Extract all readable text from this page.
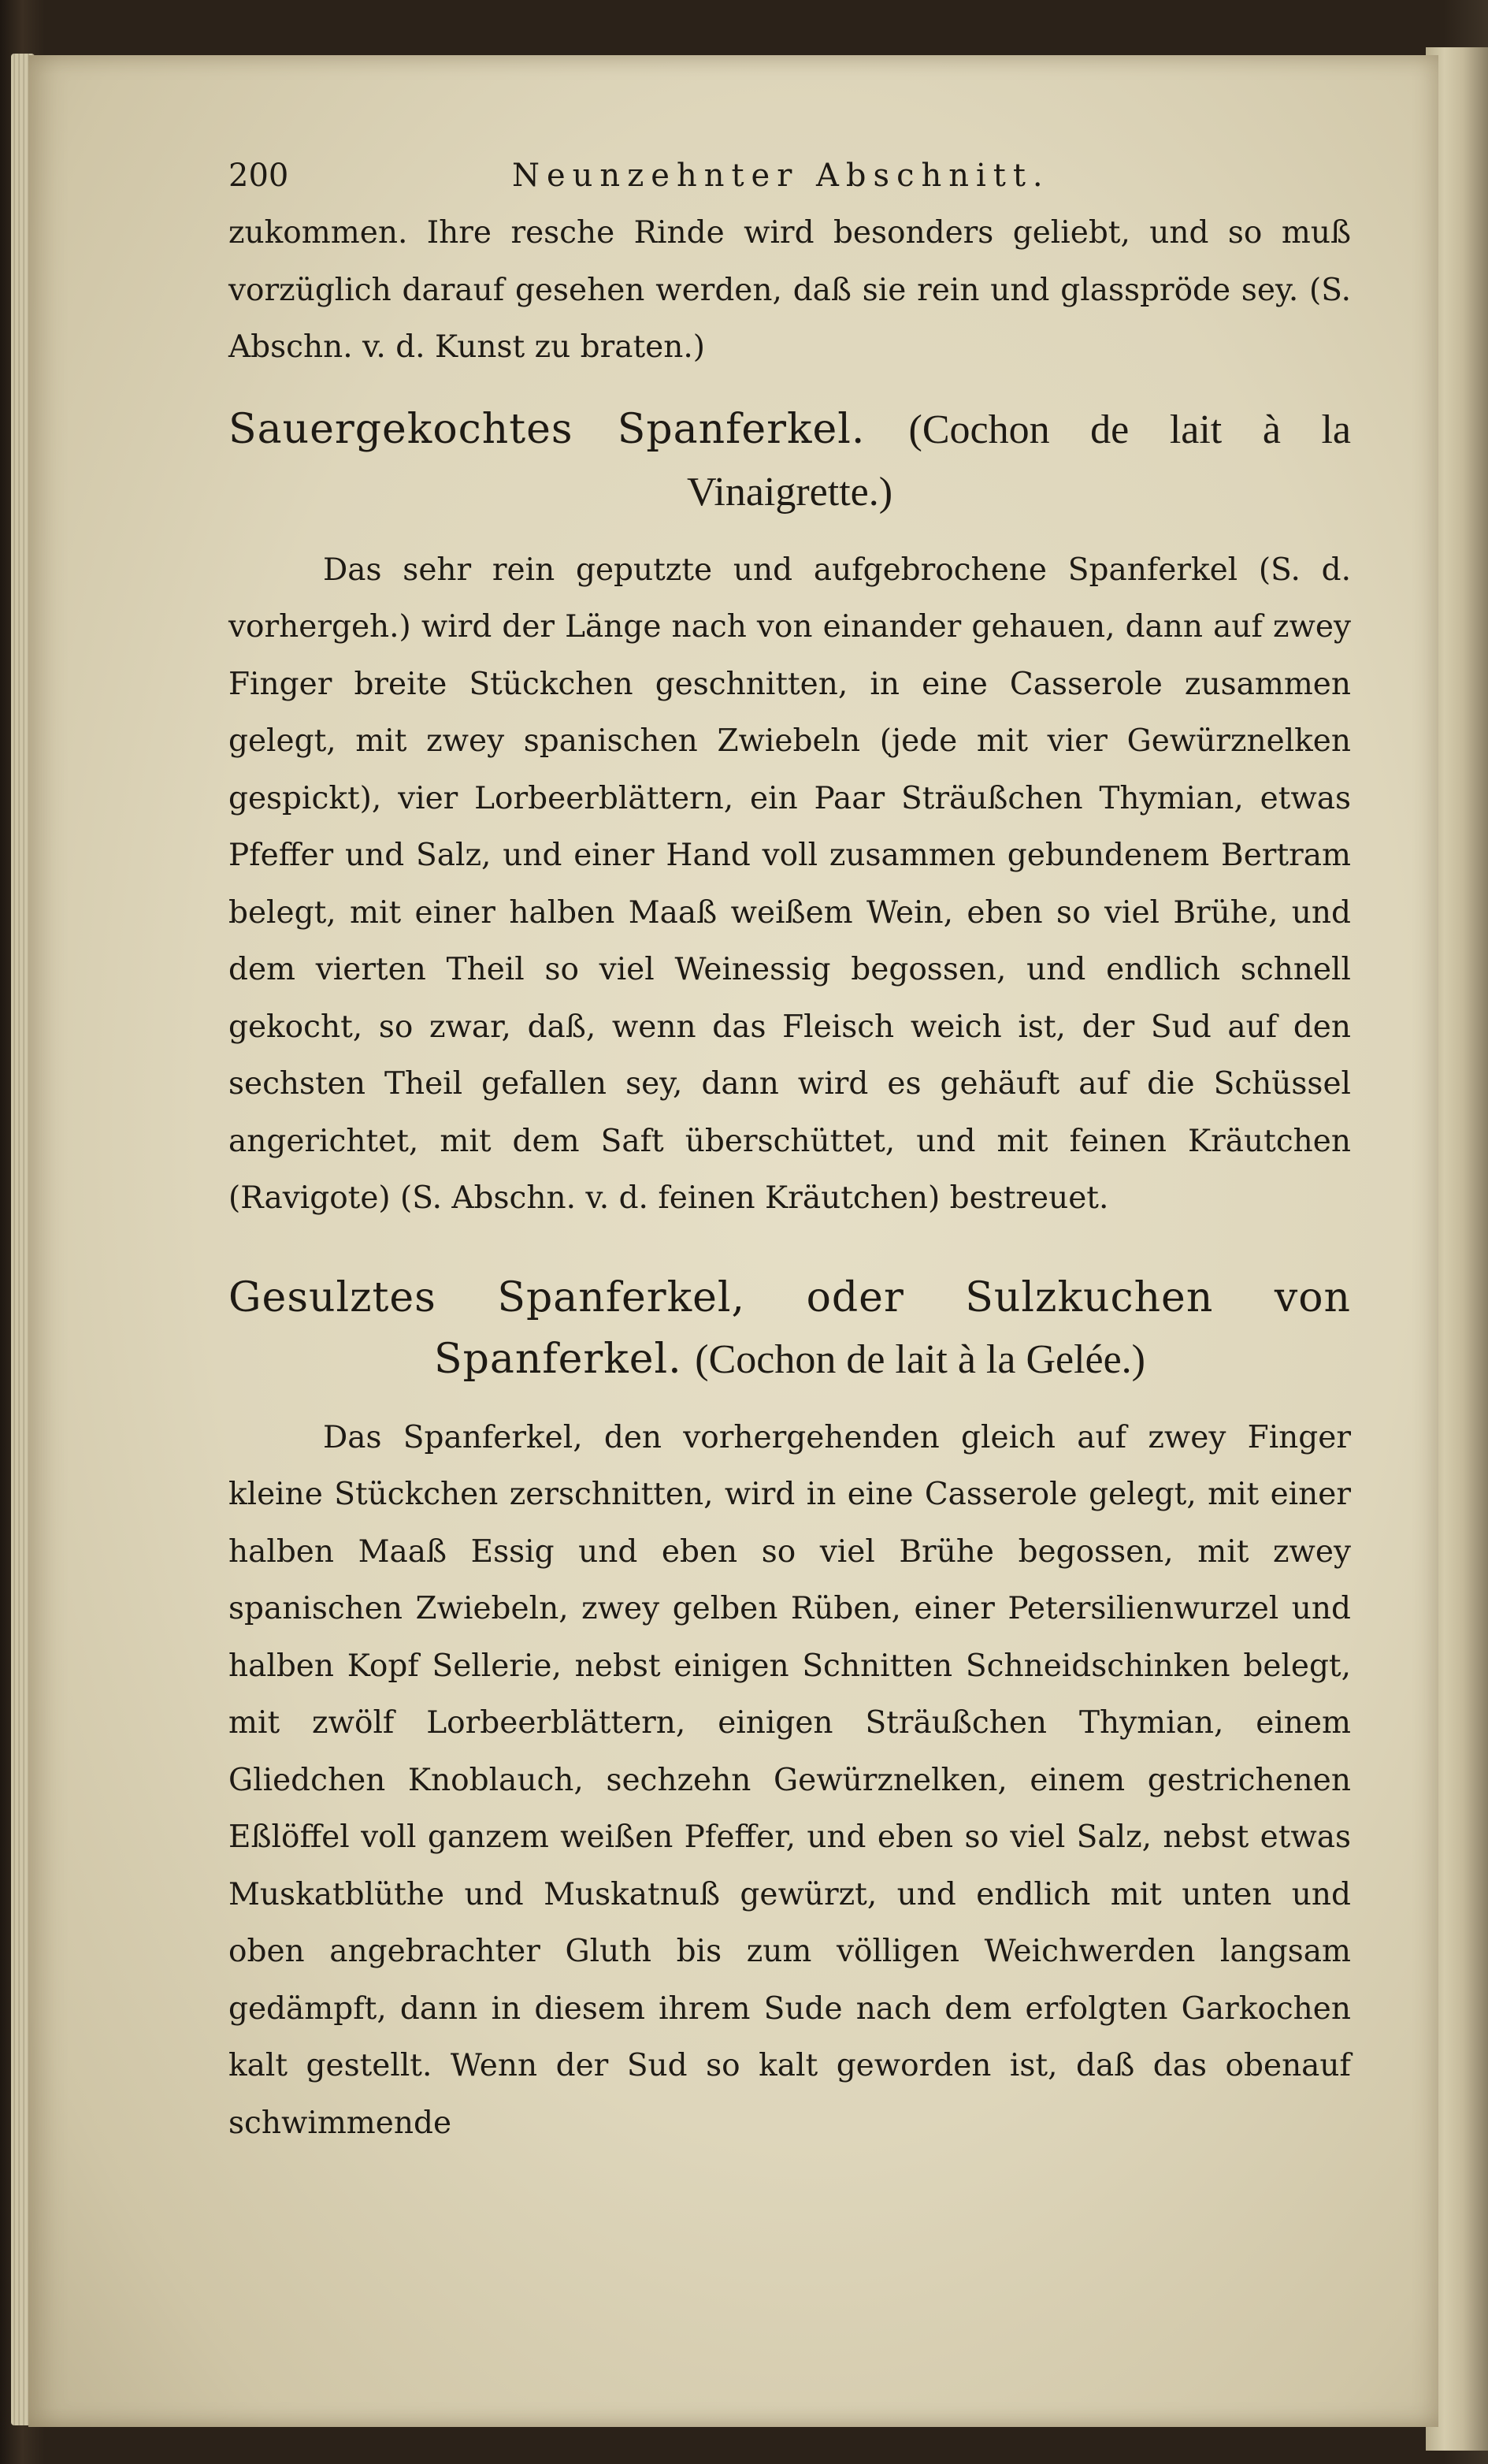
200	Neunzehnter Abschnitt.

zukommen. Ihre resche Rinde wird besonders geliebt, und so muß vorzüglich darauf gesehen werden, daß sie rein und glasspröde sey. (S. Abschn. v. d. Kunst zu braten.)

Sauergekochtes Spanferkel. (Cochon de lait à la Vinaigrette.)

Das sehr rein geputzte und aufgebrochene Spanferkel (S. d. vorhergeh.) wird der Länge nach von einander gehauen, dann auf zwey Finger breite Stückchen geschnitten, in eine Casserole zusammen gelegt, mit zwey spanischen Zwiebeln (jede mit vier Gewürznelken gespickt), vier Lorbeerblättern, ein Paar Sträußchen Thymian, etwas Pfeffer und Salz, und einer Hand voll zusammen gebundenem Bertram belegt, mit einer halben Maaß weißem Wein, eben so viel Brühe, und dem vierten Theil so viel Weinessig begossen, und endlich schnell gekocht, so zwar, daß, wenn das Fleisch weich ist, der Sud auf den sechsten Theil gefallen sey, dann wird es gehäuft auf die Schüssel angerichtet, mit dem Saft überschüttet, und mit feinen Kräutchen (Ravigote) (S. Abschn. v. d. feinen Kräutchen) bestreuet.

Gesulztes Spanferkel, oder Sulzkuchen von Spanferkel. (Cochon de lait à la Gelée.)

Das Spanferkel, den vorhergehenden gleich auf zwey Finger kleine Stückchen zerschnitten, wird in eine Casserole gelegt, mit einer halben Maaß Essig und eben so viel Brühe begossen, mit zwey spanischen Zwiebeln, zwey gelben Rüben, einer Petersilienwurzel und halben Kopf Sellerie, nebst einigen Schnitten Schneidschinken belegt, mit zwölf Lorbeerblättern, einigen Sträußchen Thymian, einem Gliedchen Knoblauch, sechzehn Gewürznelken, einem gestrichenen Eßlöffel voll ganzem weißen Pfeffer, und eben so viel Salz, nebst etwas Muskatblüthe und Muskatnuß gewürzt, und endlich mit unten und oben angebrachter Gluth bis zum völligen Weichwerden langsam gedämpft, dann in diesem ihrem Sude nach dem erfolgten Garkochen kalt gestellt. Wenn der Sud so kalt geworden ist, daß das obenauf schwimmende
